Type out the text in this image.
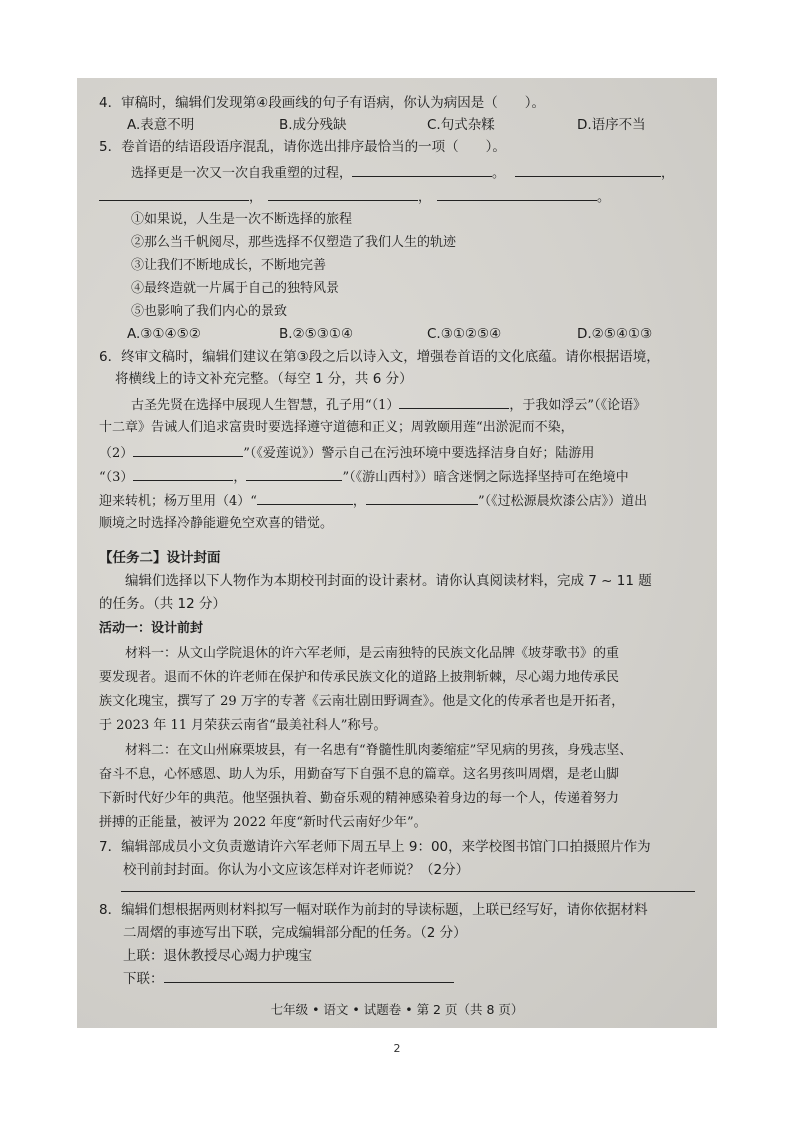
4．审稿时，编辑们发现第④段画线的句子有语病，你认为病因是（　　）。
A.表意不明	B.成分残缺	C.句式杂糅	D.语序不当
5．卷首语的结语段语序混乱，请你选出排序最恰当的一项（　　）。
选择更是一次又一次自我重塑的过程，	。	，
，	，	。
①如果说，人生是一次不断选择的旅程
②那么当千帆阅尽，那些选择不仅塑造了我们人生的轨迹
③让我们不断地成长，不断地完善
④最终造就一片属于自己的独特风景
⑤也影响了我们内心的景致
A.③①④⑤②	B.②⑤③①④	C.③①②⑤④	D.②⑤④①③
6．终审文稿时，编辑们建议在第③段之后以诗入文，增强卷首语的文化底蕴。请你根据语境，
将横线上的诗文补充完整。（每空 1 分，共 6 分）
古圣先贤在选择中展现人生智慧，孔子用“（1）	，于我如浮云”（《论语》
十二章》告诫人们追求富贵时要选择遵守道德和正义；周敦颐用莲“出淤泥而不染，
（2）	”（《爱莲说》）警示自己在污浊环境中要选择洁身自好；陆游用
“（3）	，	”（《游山西村》）暗含迷惘之际选择坚持可在绝境中
迎来转机；杨万里用（4）“	，	”（《过松源晨炊漆公店》）道出
顺境之时选择冷静能避免空欢喜的错觉。
【任务二】设计封面
编辑们选择以下人物作为本期校刊封面的设计素材。请你认真阅读材料，完成 7 ~ 11 题
的任务。（共 12 分）
活动一：设计前封
材料一：从文山学院退休的许六军老师，是云南独特的民族文化品牌《坡芽歌书》的重
要发现者。退而不休的许老师在保护和传承民族文化的道路上披荆斩棘，尽心竭力地传承民
族文化瑰宝，撰写了 29 万字的专著《云南壮剧田野调查》。他是文化的传承者也是开拓者，
于 2023 年 11 月荣获云南省“最美社科人”称号。
材料二：在文山州麻栗坡县，有一名患有“脊髓性肌肉萎缩症”罕见病的男孩，身残志坚、
奋斗不息，心怀感恩、助人为乐，用勤奋写下自强不息的篇章。这名男孩叫周熠，是老山脚
下新时代好少年的典范。他坚强执着、勤奋乐观的精神感染着身边的每一个人，传递着努力
拼搏的正能量，被评为 2022 年度“新时代云南好少年”。
7．编辑部成员小文负责邀请许六军老师下周五早上 9：00，来学校图书馆门口拍摄照片作为
校刊前封封面。你认为小文应该怎样对许老师说？（2分）
8．编辑们想根据两则材料拟写一幅对联作为前封的导读标题，上联已经写好，请你依据材料
二周熠的事迹写出下联，完成编辑部分配的任务。（2 分）
上联：退休教授尽心竭力护瑰宝
下联：
七年级 • 语文 • 试题卷 • 第 2 页（共 8 页）
2
